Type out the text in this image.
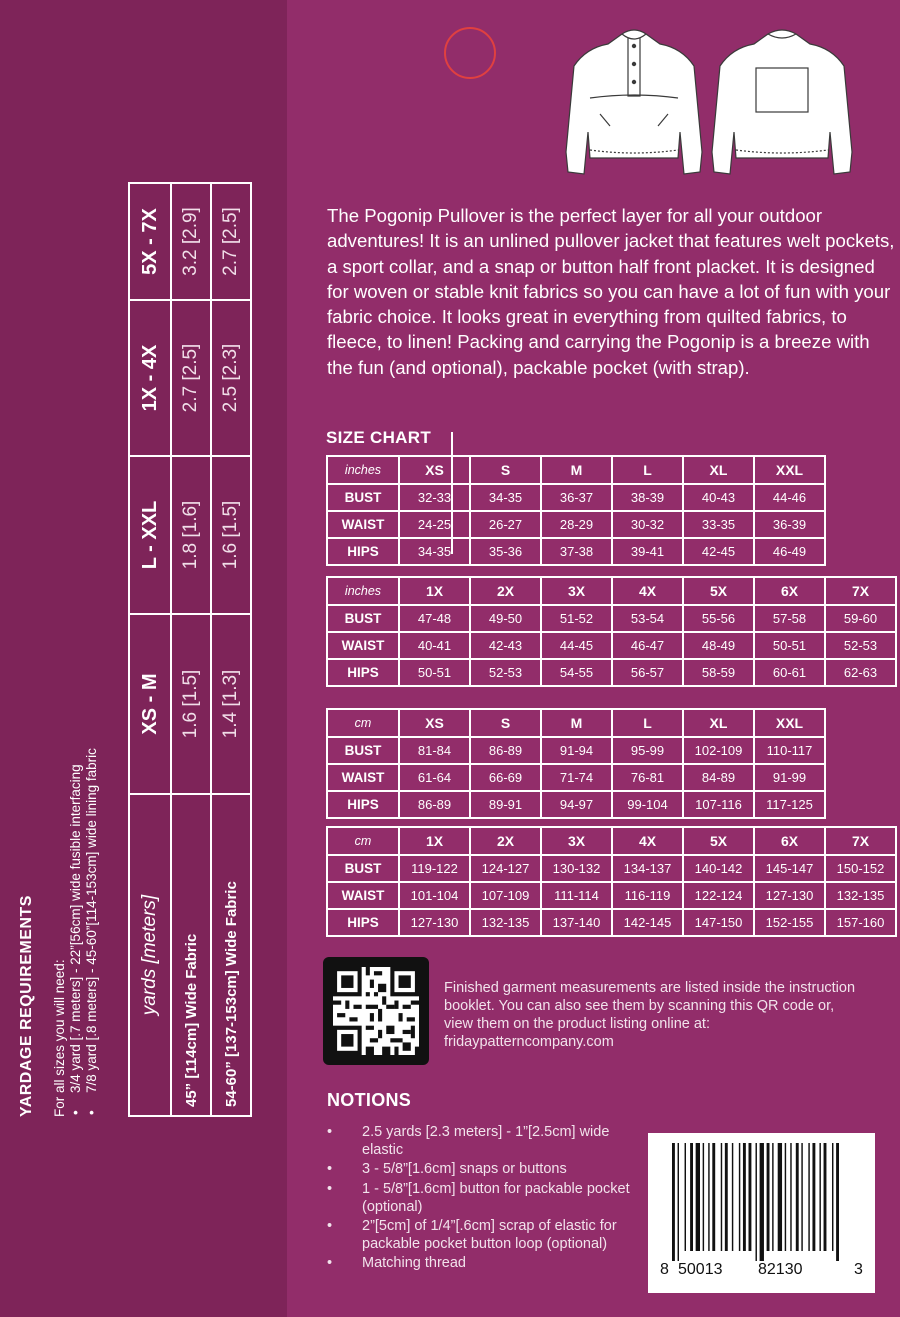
YARDAGE REQUIREMENTS For all sizes you will need: • 3/4 yard [.7 meters] - 22”[56cm] wide fusible interfacing • 7/8 yard [.8 meters] - 45-60”[114-153cm] wide lining fabric yards [meters]	XS - M	L - XXL	1X - 4X	5X - 7X
45” [114cm] Wide Fabric	1.6 [1.5]	1.8 [1.6]	2.7 [2.5]	3.2 [2.9]
54-60” [137-153cm] Wide Fabric	1.4 [1.3]	1.6 [1.5]	2.5 [2.3]	2.7 [2.5]	The Pogonip Pullover is the perfect layer for all your outdoor adventures! It is an unlined pullover jacket that features welt pockets, a sport collar, and a snap or button half front placket. It is designed for woven or stable knit fabrics so you can have a lot of fun with your fabric choice. It looks great in everything from quilted fabrics, to fleece, to linen! Packing and carrying the Pogonip is a breeze with the fun (and optional), packable pocket (with strap).

SIZE CHART
inches	XS	S	M	L	XL	XXL
BUST	32-33	34-35	36-37	38-39	40-43	44-46
WAIST	24-25	26-27	28-29	30-32	33-35	36-39
HIPS	34-35	35-36	37-38	39-41	42-45	46-49
inches	1X	2X	3X	4X	5X	6X	7X
BUST	47-48	49-50	51-52	53-54	55-56	57-58	59-60
WAIST	40-41	42-43	44-45	46-47	48-49	50-51	52-53
HIPS	50-51	52-53	54-55	56-57	58-59	60-61	62-63
cm	XS	S	M	L	XL	XXL
BUST	81-84	86-89	91-94	95-99	102-109	110-117
WAIST	61-64	66-69	71-74	76-81	84-89	91-99
HIPS	86-89	89-91	94-97	99-104	107-116	117-125
cm	1X	2X	3X	4X	5X	6X	7X
BUST	119-122	124-127	130-132	134-137	140-142	145-147	150-152
WAIST	101-104	107-109	111-114	116-119	122-124	127-130	132-135
HIPS	127-130	132-135	137-140	142-145	147-150	152-155	157-160
Finished garment measurements are listed inside the instruction booklet. You can also see them by scanning this QR code or, view them on the product listing online at: fridaypatterncompany.com
NOTIONS
• 2.5 yards [2.3 meters] - 1”[2.5cm] wide elastic
• 3 - 5/8”[1.6cm] snaps or buttons
• 1 - 5/8”[1.6cm] button for packable pocket (optional)
• 2”[5cm] of 1/4”[.6cm] scrap of elastic for packable pocket button loop (optional)
• Matching thread	8 50013 82130	3
